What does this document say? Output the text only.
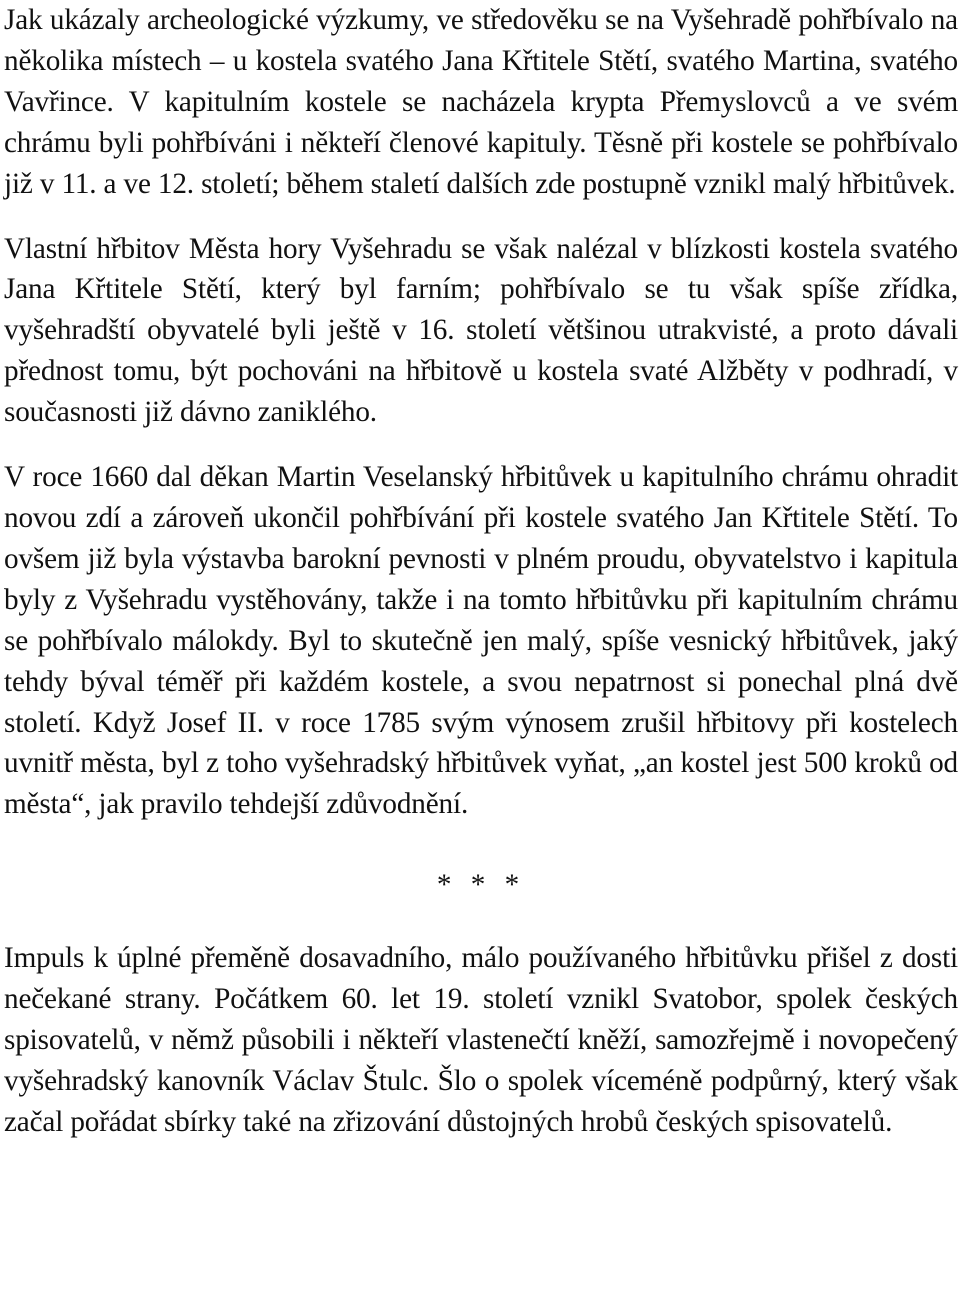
Jak ukázaly archeologické výzkumy, ve středověku se na Vyšehradě pohřbívalo na několika místech – u kostela svatého Jana Křtitele Stětí, svatého Martina, svatého Vavřince. V kapitulním kostele se nacházela krypta Přemyslovců a ve svém chrámu byli pohřbíváni i někteří členové kapituly. Těsně při kostele se pohřbívalo již v 11. a ve 12. století; během staletí dalších zde postupně vznikl malý hřbitůvek.

Vlastní hřbitov Města hory Vyšehradu se však nalézal v blízkosti kostela svatého Jana Křtitele Stětí, který byl farním; pohřbívalo se tu však spíše zřídka, vyšehradští obyvatelé byli ještě v 16. století většinou utrakvisté, a proto dávali přednost tomu, být pochováni na hřbitově u kostela svaté Alžběty v podhradí, v současnosti již dávno zaniklého.

V roce 1660 dal děkan Martin Veselanský hřbitůvek u kapitulního chrámu ohradit novou zdí a zároveň ukončil pohřbívání při kostele svatého Jan Křtitele Stětí. To ovšem již byla výstavba barokní pevnosti v plném proudu, obyvatelstvo i kapitula byly z Vyšehradu vystěhovány, takže i na tomto hřbitůvku při kapitulním chrámu se pohřbívalo málokdy. Byl to skutečně jen malý, spíše vesnický hřbitůvek, jaký tehdy býval téměř při každém kostele, a svou nepatrnost si ponechal plná dvě století. Když Josef II. v roce 1785 svým výnosem zrušil hřbitovy při kostelech uvnitř města, byl z toho vyšehradský hřbitůvek vyňat, „an kostel jest 500 kroků od města“, jak pravilo tehdejší zdůvodnění.

* * *

Impuls k úplné přeměně dosavadního, málo používaného hřbitůvku přišel z dosti nečekané strany. Počátkem 60. let 19. století vznikl Svatobor, spolek českých spisovatelů, v němž působili i někteří vlastenečtí kněží, samozřejmě i novopečený vyšehradský kanovník Václav Štulc. Šlo o spolek víceméně podpůrný, který však začal pořádat sbírky také na zřizování důstojných hrobů českých spisovatelů.
